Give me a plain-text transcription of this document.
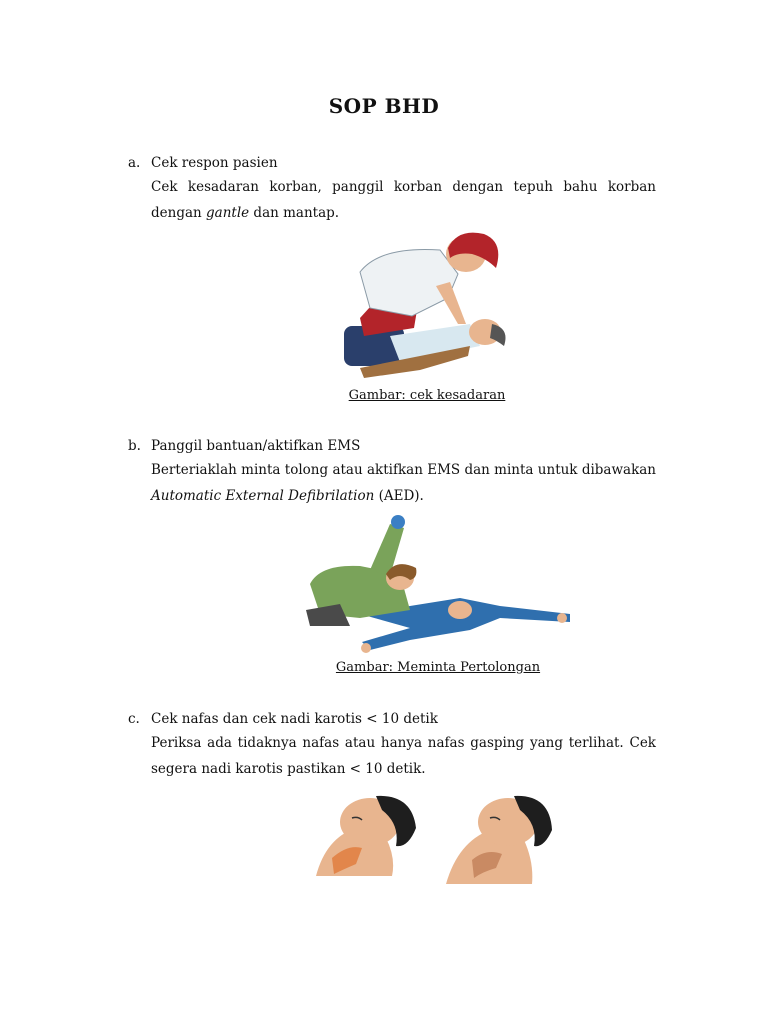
SOP BHD
a. Cek respon pasien
Cek kesadaran korban, panggil korban dengan tepuh bahu korban dengan gantle dan mantap.
Gambar: cek kesadaran
b. Panggil bantuan/aktifkan EMS
Berteriaklah minta tolong atau aktifkan EMS dan minta untuk dibawakan Automatic External Defibrilation (AED).
Gambar: Meminta Pertolongan
c. Cek nafas dan cek nadi karotis < 10 detik
Periksa ada tidaknya nafas atau hanya nafas gasping yang terlihat. Cek segera nadi karotis pastikan < 10 detik.
